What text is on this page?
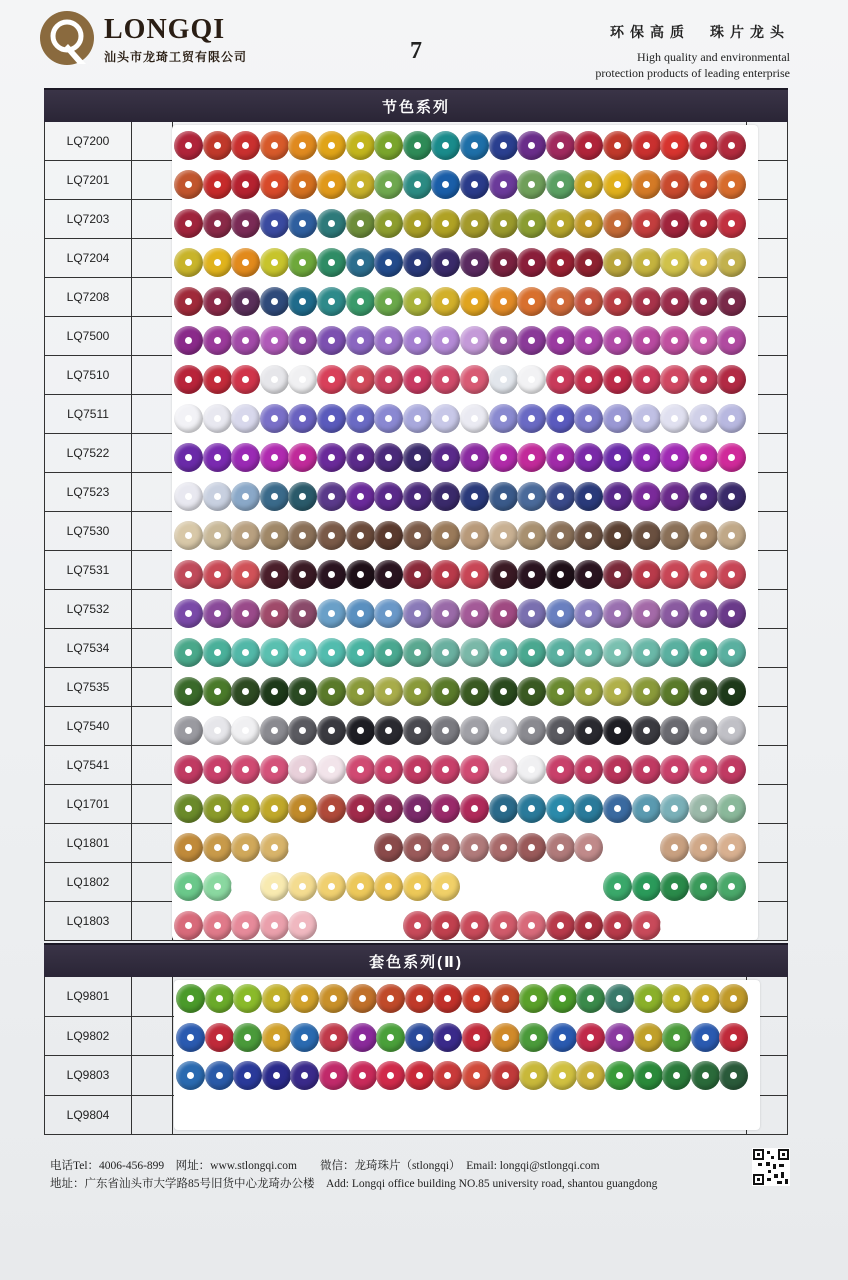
LONGQI
汕头市龙琦工贸有限公司	7
环保高质　珠片龙头
High quality and environmental
protection products of leading enterprise
节色系列
LQ7200
LQ7201
LQ7203
LQ7204
LQ7208
LQ7500
LQ7510
LQ7511
LQ7522
LQ7523
LQ7530
LQ7531
LQ7532
LQ7534
LQ7535
LQ7540
LQ7541
LQ1701
LQ1801
LQ1802
LQ1803
套色系列(Ⅱ)
LQ9801
LQ9802
LQ9803
LQ9804
电话Tel：4006-456-899　网址：www.stlongqi.com　　微信：龙琦珠片（stlongqi）　Email: longqi@stlongqi.com
地址：广东省汕头市大学路85号旧货中心龙琦办公楼　Add: Longqi office building NO.85 university road, shantou guangdong
